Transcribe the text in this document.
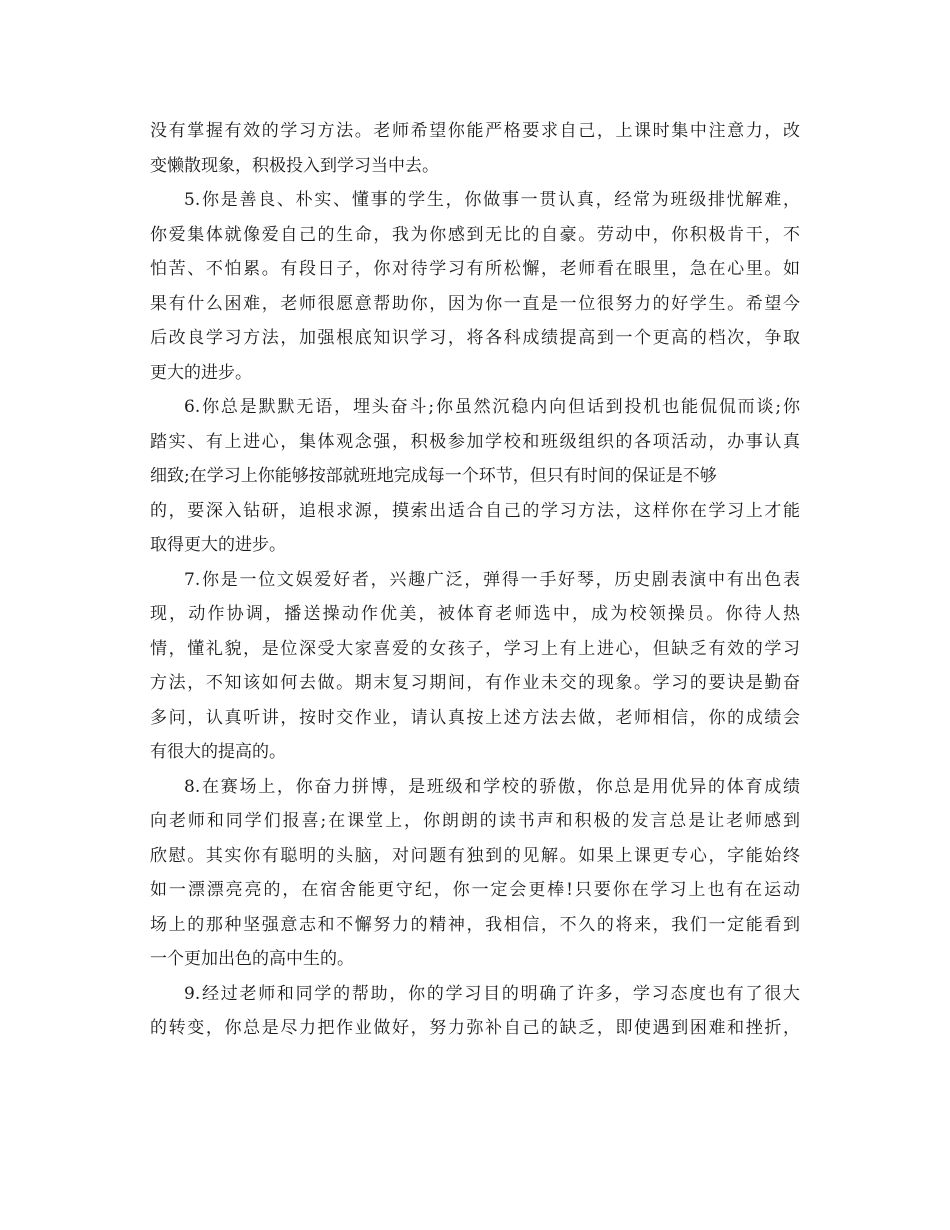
没有掌握有效的学习方法。老师希望你能严格要求自己，上课时集中注意力，改
变懒散现象，积极投入到学习当中去。
5.你是善良、朴实、懂事的学生，你做事一贯认真，经常为班级排忧解难，
你爱集体就像爱自己的生命，我为你感到无比的自豪。劳动中，你积极肯干，不
怕苦、不怕累。有段日子，你对待学习有所松懈，老师看在眼里，急在心里。如
果有什么困难，老师很愿意帮助你，因为你一直是一位很努力的好学生。希望今
后改良学习方法，加强根底知识学习，将各科成绩提高到一个更高的档次，争取
更大的进步。
6.你总是默默无语，埋头奋斗;你虽然沉稳内向但话到投机也能侃侃而谈;你
踏实、有上进心，集体观念强，积极参加学校和班级组织的各项活动，办事认真
细致;在学习上你能够按部就班地完成每一个环节，但只有时间的保证是不够
的，要深入钻研，追根求源，摸索出适合自己的学习方法，这样你在学习上才能
取得更大的进步。
7.你是一位文娱爱好者，兴趣广泛，弹得一手好琴，历史剧表演中有出色表
现，动作协调，播送操动作优美，被体育老师选中，成为校领操员。你待人热
情，懂礼貌，是位深受大家喜爱的女孩子，学习上有上进心，但缺乏有效的学习
方法，不知该如何去做。期末复习期间，有作业未交的现象。学习的要诀是勤奋
多问，认真听讲，按时交作业，请认真按上述方法去做，老师相信，你的成绩会
有很大的提高的。
8.在赛场上，你奋力拼博，是班级和学校的骄傲，你总是用优异的体育成绩
向老师和同学们报喜;在课堂上，你朗朗的读书声和积极的发言总是让老师感到
欣慰。其实你有聪明的头脑，对问题有独到的见解。如果上课更专心，字能始终
如一漂漂亮亮的，在宿舍能更守纪，你一定会更棒!只要你在学习上也有在运动
场上的那种坚强意志和不懈努力的精神，我相信，不久的将来，我们一定能看到
一个更加出色的高中生的。
9.经过老师和同学的帮助，你的学习目的明确了许多，学习态度也有了很大
的转变，你总是尽力把作业做好，努力弥补自己的缺乏，即使遇到困难和挫折，
